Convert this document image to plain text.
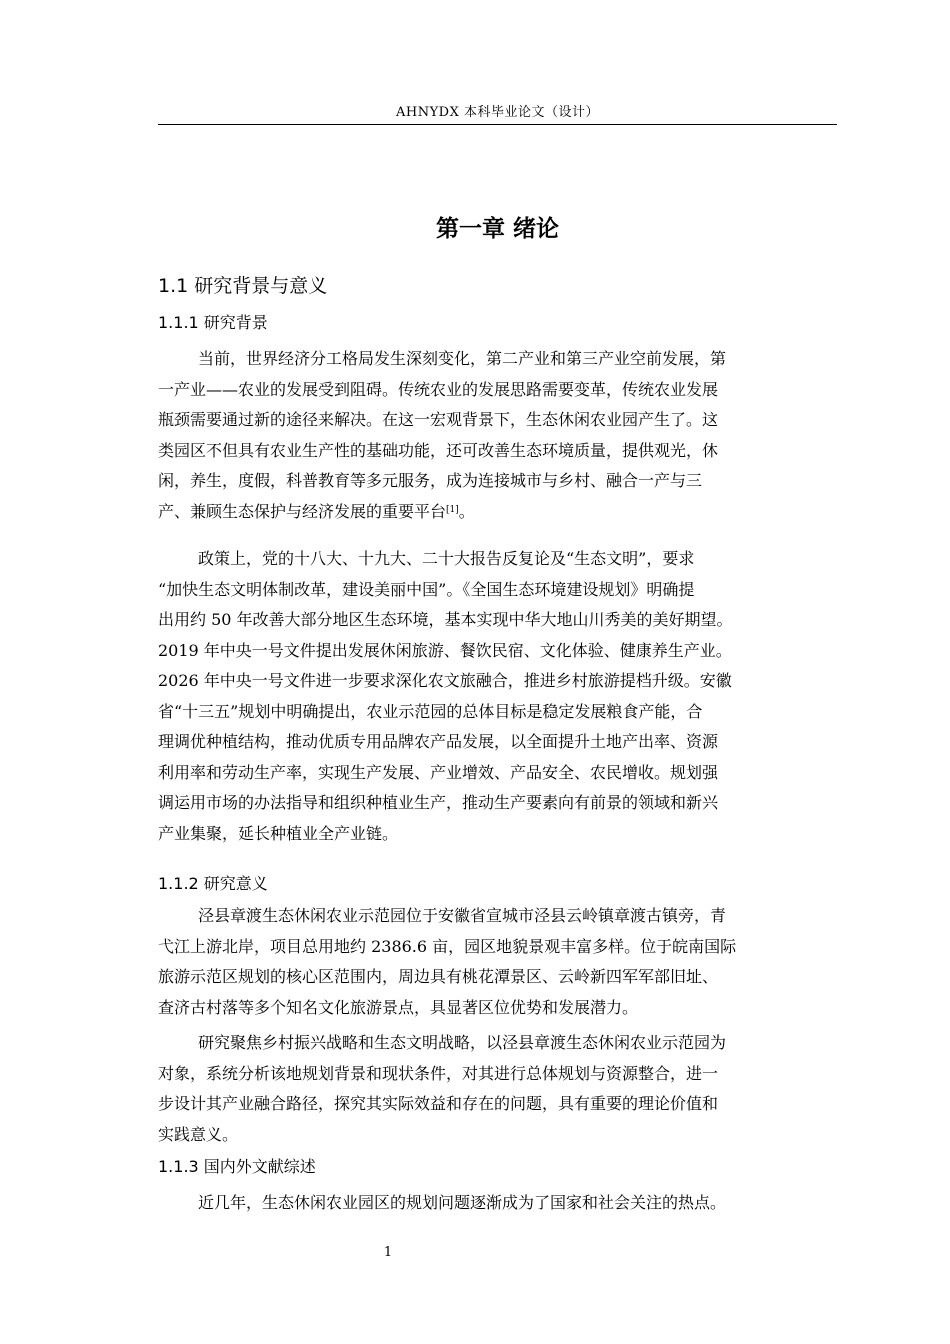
AHNYDX 本科毕业论文（设计）
第一章 绪论
1.1 研究背景与意义
1.1.1 研究背景

当前，世界经济分工格局发生深刻变化，第二产业和第三产业空前发展，第
一产业——农业的发展受到阻碍。传统农业的发展思路需要变革，传统农业发展
瓶颈需要通过新的途径来解决。在这一宏观背景下，生态休闲农业园产生了。这
类园区不但具有农业生产性的基础功能，还可改善生态环境质量，提供观光，休
闲，养生，度假，科普教育等多元服务，成为连接城市与乡村、融合一产与三
产、兼顾生态保护与经济发展的重要平台[1]。

政策上，党的十八大、十九大、二十大报告反复论及“生态文明”，要求
“加快生态文明体制改革，建设美丽中国”。《全国生态环境建设规划》明确提
出用约 50 年改善大部分地区生态环境，基本实现中华大地山川秀美的美好期望。
2019 年中央一号文件提出发展休闲旅游、餐饮民宿、文化体验、健康养生产业。
2026 年中央一号文件进一步要求深化农文旅融合，推进乡村旅游提档升级。安徽
省“十三五”规划中明确提出，农业示范园的总体目标是稳定发展粮食产能，合
理调优种植结构，推动优质专用品牌农产品发展，以全面提升土地产出率、资源
利用率和劳动生产率，实现生产发展、产业增效、产品安全、农民增收。规划强
调运用市场的办法指导和组织种植业生产，推动生产要素向有前景的领域和新兴
产业集聚，延长种植业全产业链。

1.1.2 研究意义

泾县章渡生态休闲农业示范园位于安徽省宣城市泾县云岭镇章渡古镇旁，青
弋江上游北岸，项目总用地约 2386.6 亩，园区地貌景观丰富多样。位于皖南国际
旅游示范区规划的核心区范围内，周边具有桃花潭景区、云岭新四军军部旧址、
查济古村落等多个知名文化旅游景点，具显著区位优势和发展潜力。

研究聚焦乡村振兴战略和生态文明战略，以泾县章渡生态休闲农业示范园为
对象，系统分析该地规划背景和现状条件，对其进行总体规划与资源整合，进一
步设计其产业融合路径，探究其实际效益和存在的问题，具有重要的理论价值和
实践意义。

1.1.3 国内外文献综述

近几年，生态休闲农业园区的规划问题逐渐成为了国家和社会关注的热点。

1
